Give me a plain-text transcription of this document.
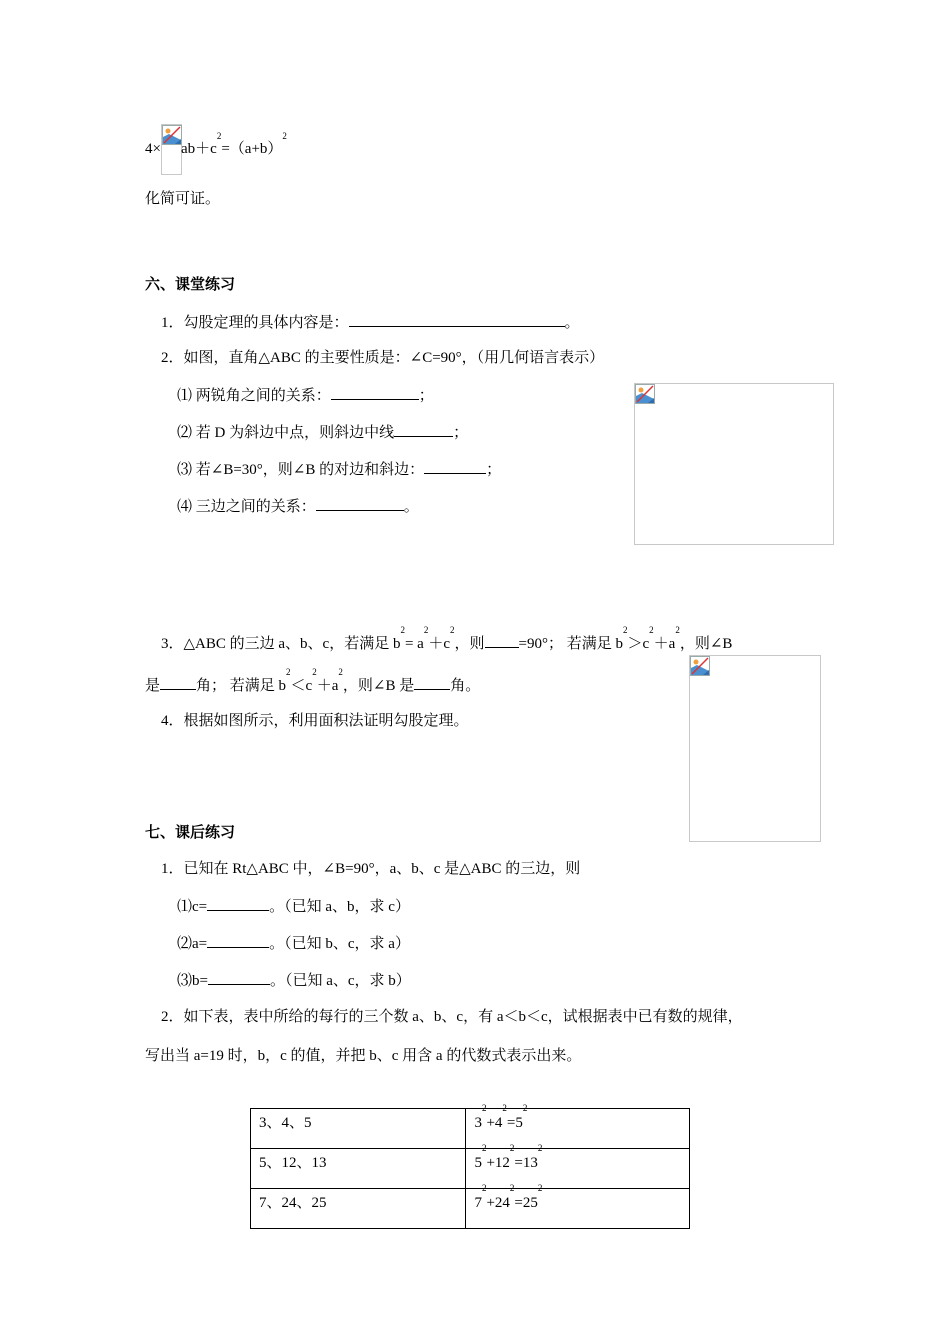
$4\times ab+c^2=(a+b)^2$
化简可证。
六、课堂练习
1．勾股定理的具体内容是：	。
2．如图，直角△ABC 的主要性质是：∠C=90°，（用几何语言表示）
⑴ 两锐角之间的关系：	；
⑵ 若 D 为斜边中点，则斜边中线	；
⑶ 若∠B=30°，则∠B 的对边和斜边：	；
⑷ 三边之间的关系：	。
3．△ABC 的三边 a、b、c，若满足 $b^2= a^2+c^2$，则 =90°； 若满足 $b^2>c^2+a^2$，则∠B
是 角； 若满足 $b^2<c^2+a^2$，则∠B 是 角。
4．根据如图所示，利用面积法证明勾股定理。
七、课后练习
1．已知在 Rt△ABC 中，∠B=90°，a、b、c 是△ABC 的三边，则
⑴c=	。（已知 a、b，求 c）
⑵a=	。（已知 b、c，求 a）
⑶b=	。（已知 a、c，求 b）
2．如下表，表中所给的每行的三个数 a、b、c，有 a＜b＜c，试根据表中已有数的规律，
写出当 a=19 时，b，c 的值，并把 b、c 用含 a 的代数式表示出来。
3、4、5	$3^2+4^2=5^2$
5、12、13	$5^2+12^2=13^2$
7、24、25	$7^2+24^2=25^2$
